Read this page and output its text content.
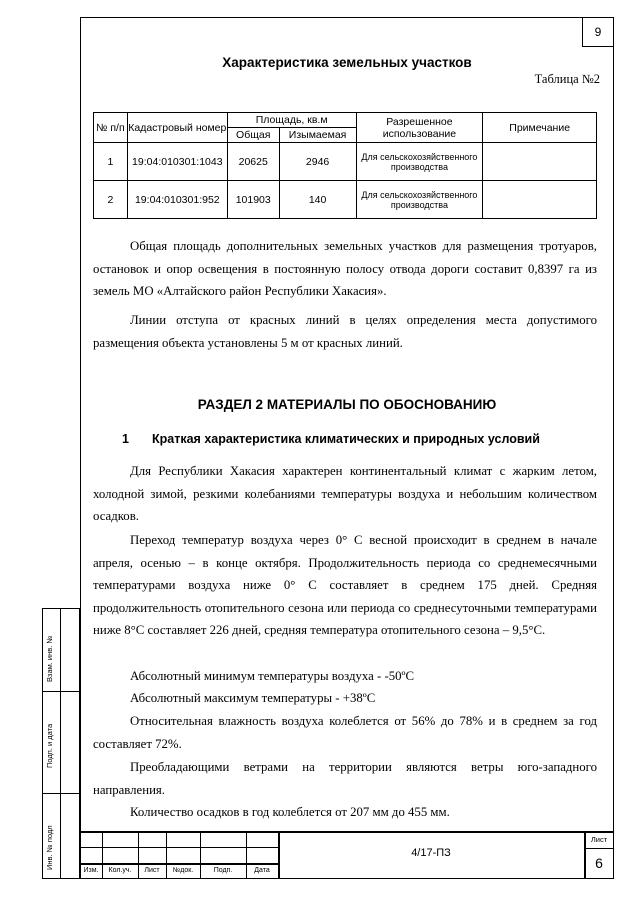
9
Характеристика земельных участков
Таблица №2
№ п/п	Кадастровый номер	Площадь, кв.м		Разрешенное использование	Примечание
		Общая	Изымаемая		
1	19:04:010301:1043	20625	2946	Для сельскохозяйственного производства	
2	19:04:010301:952	101903	140	Для сельскохозяйственного производства	
Общая площадь дополнительных земельных участков для размещения тротуаров, остановок и опор освещения в постоянную полосу отвода дороги составит 0,8397 га из земель МО «Алтайского район Республики Хакасия».
Линии отступа от красных линий в целях определения места допустимого размещения объекта установлены 5 м от красных линий.
РАЗДЕЛ 2 МАТЕРИАЛЫ ПО ОБОСНОВАНИЮ
1 Краткая характеристика климатических и природных условий
Для Республики Хакасия характерен континентальный климат с жарким летом, холодной зимой, резкими колебаниями температуры воздуха и небольшим количеством осадков.
Переход температур воздуха через 0° С весной происходит в среднем в начале апреля, осенью – в конце октября. Продолжительность периода со среднемесячными температурами воздуха ниже 0° С составляет в среднем 175 дней. Средняя продолжительность отопительного сезона или периода со среднесуточными температурами ниже 8°С составляет 226 дней, средняя температура отопительного сезона – 9,5°С.
Абсолютный минимум температуры воздуха - -50ºС
Абсолютный максимум температуры - +38ºС
Относительная влажность воздуха колеблется от 56% до 78% и в среднем за год составляет 72%.
Преобладающими ветрами на территории являются ветры юго-западного направления.
Количество осадков в год колеблется от 207 мм до 455 мм.
Изм.	Кол.уч.	Лист	№док.	Подп.	Дата
4/17-ПЗ
Лист
6
Взам. инв. №
Подп. и дата
Инв. № подл
